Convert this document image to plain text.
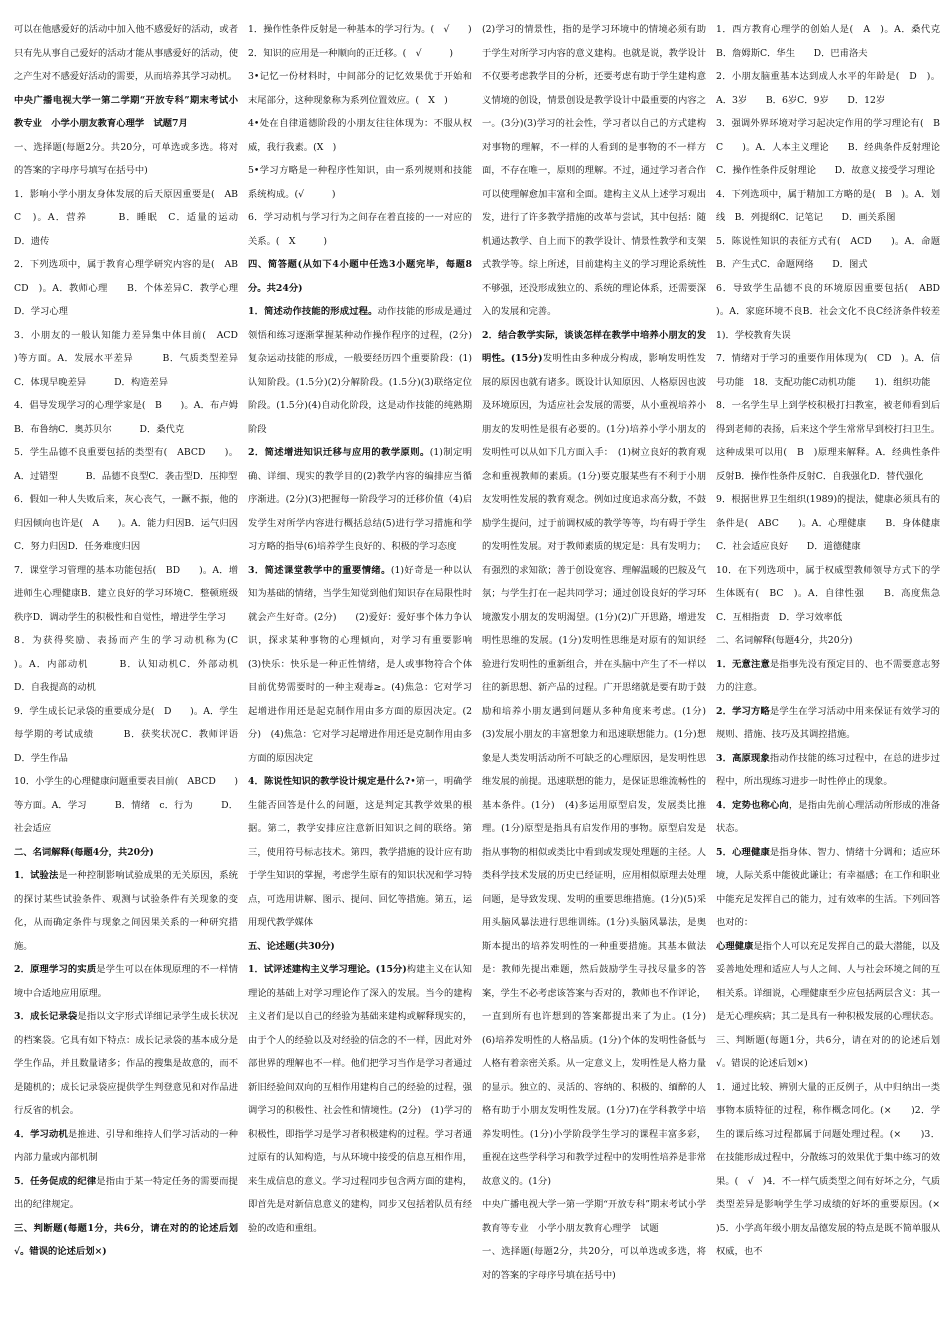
可以在他感爱好的活动中加入他不感爱好的活动，或者只有先从事自己爱好的活动才能从事感爱好的活动，使之产生对不感爱好活动的需要，从而培养其学习动机。

中央广播电视大学一第二学期“开放专科”期末考试小教专业　小学小朋友教育心理学　试题7月

一、选择题(每题2分。共20分，可单选或多选。将对的答案的字母序号填写在括号中)

1．影响小学小朋友身体发展的后天原因重要是(　ABC　)。A．营养　　　B．睡眠　C．适量的运动　　　D．遗传

2．下列选项中，属于教育心理学研究内容的是(　ABCD　)。A．教师心理　　B．个体差异C．教学心理　　　D．学习心理

3．小朋友的一般认知能力差异集中体目前(　ACD　　)等方面。A．发展水平差异　　　B．气质类型差异C．体现早晚差异　　　D．构造差异

4．倡导发现学习的心理学家是(　B　　)。A．布卢姆　　　B．布鲁纳C．奥苏贝尔　　　D．桑代克

5．学生品德不良重要包括的类型有(　ABCD　　)。A．过错型　　　B．品德不良型C．袭击型D．压抑型

6．假如一种人失败后来，灰心丧气，一蹶不振，他的归因倾向也许是(　A　　)。A．能力归因B．运气归因C．努力归因D．任务难度归因

7．课堂学习管理的基本功能包括(　BD　　)。A．增进师生心理健康B．建立良好的学习环境C．整顿班级秩序D．调动学生的积极性和自觉性，增进学生学习

8．为获得奖励、表扬而产生的学习动机称为(C　　)。A．内部动机　　　B．认知动机C．外部动机　　　D．自我提高的动机

9．学生成长记录袋的重要成分是(　D　　)。A．学生每学期的考试成绩　　　B．获奖状况C．教师评语D．学生作品

10．小学生的心理健康问题重要表目前(　ABCD　　)等方面。A．学习　　　B．情绪　c．行为　　　D．社会适应

二、名词解释(每题4分，共20分)

1．试验法是一种控制影响试验成果的无关原因，系统的探讨某些试验条件、观测与试验条件有关现象的变化，从而确定条件与现象之间因果关系的一种研究措施。

2．原理学习的实质是学生可以在体现原理的不一样情境中合适地应用原理。

3．成长记录袋是指以文字形式详细记录学生成长状况的档案袋。它具有如下特点：成长记录袋的基本成分是学生作品，并且数量诸多；作品的搜集是故意的，而不是随机的；成长记录袋应提供学生判登意见和对作品进行反省的机会。

4．学习动机是推进、引导和维持人们学习活动的一种内部力量或内部机制

5．任务促成的纪律是指由于某一特定任务的需要而提出的纪律规定。

三、判断题(每题1分，共6分，请在对的的论述后划√。错误的论述后划×)

1．操作性条件反射是一种基本的学习行为。(　√　　)

2．知识的应用是一种顺向的正迁移。(　√　　　)

3•记忆一份材料时，中间部分的记忆效果优于开始和末尾部分，这种现象称为系列位置效应。(　X　)

4•处在自律道德阶段的小朋友往往体现为：不服从权威，我行我素。(X　)

5•学习方略是一种程序性知识，由一系列规则和技能系统构成。(√　　　)

6．学习动机与学习行为之间存在着直接的一一对应的关系。(　X　　　)

四、简答题(从如下4小题中任选3小题完毕，每题8分。共24分)

1．简述动作技能的形成过程。动作技能的形成是通过领悟和练习逐渐掌握某种动作操作程序的过程，(2分)复杂运动技能的形成，一般要经历四个重要阶段：(1)认知阶段。(1.5分)(2)分解阶段。(1.5分)(3)联络定位阶段。(1.5分)(4)自动化阶段，这是动作技能的纯熟期阶段

2．简述增进知识迁移与应用的教学原则。(1)制定明确、详细、现实的教学目的(2)教学内容的编排应当循序渐进。(2分)(3)把握每一阶段学习的迁移价值（4)启发学生对所学内容进行概括总结(5)进行学习措施和学习方略的指导(6)培养学生良好的、积极的学习态度

3．简述课堂教学中的重要情绪。(1)好奇是一种以认知为基础的情绪，当学生知觉到他们知识存在局限性时就会产生好奇。(2分)　　(2)爱好：爱好事个体力争认识，探求某种事物的心理倾向，对学习有重要影响　(3)快乐：快乐是一种正性情绪，是人或事物符合个体目前优势需要时的一种主观毒≥。(4)焦急：它对学习起增进作用还是起克制作用由多方面的原因决定。(2分)　(4)焦急：它对学习起增进作用还是克制作用由多方面的原因决定

4．陈说性知识的教学设计规定是什么?•第一，明确学生能否回答是什么的问题，这是判定其教学效果的根据。第二，教学安排应注意新旧知识之间的联络。第三，使用符号标志技术。第四，教学措施的设计应有助于学生知识的掌握，考虑学生原有的知识状况和学习特点，可选用讲解、图示、提问、回忆等措施。第五，运用现代教学媒体

五、论述题(共30分)

1．试评述建构主义学习理论。(15分)构建主义在认知理论的基础上对学习理论作了深入的发展。当今的建构主义者们是以自己的经验为基础来建构或解释现实的，由于个人的经验以及对经验的信念的不一样，因此对外部世界的理解也不一样。他们把学习当作是学习者通过新旧经验间双向的互相作用建构自己的经验的过程，强调学习的积极性、社会性和情境性。(2分)　(1)学习的积极性，即指学习是学习者积极建构的过程。学习者通过原有的认知构造，与从环境中接受的信息互相作用，来生成信息的意义。学习过程同步包含两方面的建构，即首先是对新信息意义的建构，同步又包括着队员有经验的改造和重组。

(2)学习的情景性，指的是学习环境中的情境必须有助于学生对所学习内容的意义建构。也就是说，教学设计不仅要考虑教学目的分析，还要考虑有助于学生建构意义情境的创设，情景创设是教学设计中最重要的内容之一。(3分)(3)学习的社会性，学习者以自己的方式建构对事物的理解，不一样的人看到的是事物的不一样方面，不存在唯一，原则的理解。不过，通过学习者合作可以使理解愈加丰富和全面。建构主义从上述学习观出发，进行了许多教学措施的改革与尝试，其中包括：随机通达教学、自上而下的教学设计、情景性教学和支架式教学等。综上所述，目前建构主义的学习理论系统性不够强，还没形成独立的、系统的理论体系，还需要深入的发展和完善。

2．结合教学实际，谈谈怎样在教学中培养小朋友的发明性。(15分)发明性由多种成分构成，影响发明性发展的原因也就有诸多。既设计认知原因、人格原因也波及环境原因，为适应社会发展的需要，从小重视培养小朋友的发明性是很有必要的。(1分)培养小学小朋友的发明性可以从如下几方面入手：　(1)树立良好的教育观念和重视教师的素质。(1分)要克服某些有不利于小朋友发明性发展的教育观念。例如过度追求高分数，不鼓励学生提问，过于前调权威的教学等等，均有碍于学生的发明性发展。对于教师素质的规定是：具有发明力；有强烈的求知欲；善于创设宽容、理解温暖的巴胺及气氛；与学生打在一起共同学习；通过创设良好的学习环境激发小朋友的发明渴望。(1分)(2)广开思路，增进发明性思维的发展。(1分)发明性思维是对原有的知识经验进行发明性的重新组合，并在头脑中产生了不一样以往的新思想、新产品的过程。广开思绪就是要有助于鼓励和培养小朋友遇到问题从多种角度来考虑。(1分)　(3)发展小朋友的丰富想象力和迅速联想能力。(1分)想象是人类发明活动所不可缺乏的心理原因，是发明性思维发展的前提。迅速联想的能力，是保证思维流畅性的基本条件。(1分)　(4)多运用原型启发，发展类比推理。(1分)原型是指具有启发作用的事物。原型启发是指从事物的相似或类比中看到或发现处理题的主径。人类科学技术发展的历史已经证明，应用相似原理去处理问题，是导致发现、发明的重要思维措施。(1分)(5)采用头脑风暴法进行思维训练。(1分)头脑风暴法，是奥斯本提出的培养发明性的一种重要措施。其基本做法是：教师先提出难题，然后鼓励学生寻找尽量多的答案，学生不必考虑该答案与否对的，教师也不作评论，一直到所有也许想到的答案都提出来了为止。(1分)　(6)培养发明性的人格品质。(1分)个体的发明性备低与人格有着亲密关系。从一定意义上，发明性是人格力量的显示。独立的、灵活的、容纳的、积极的、缅醉的人格有助于小朋友发明性发展。(1分)7)在学科教学中培养发明性。(1分)小学阶段学生学习的课程丰富多彩，重视在这些学科学习和教学过程中的发明性培养是非常故意义的。(1分)

中央广播电视大学一第一学期“开放专科”期末考试小学教育等专业　小学小朋友教育心理学　试题

一、选择题(每题2分，共20分，可以单选或多选，将对的答案的字母序号填在括号中)

1．西方教育心理学的创始人是(　A　)。A．桑代克　　B．詹姆斯C．华生　　D．巴甫洛夫

2．小朋友脑重基本达到成人水平的年龄是(　D　)。A．3岁　　B．6岁C．9岁　　D．12岁

3．强调外界环境对学习起决定作用的学习理论有(　BC　　)。A．人本主义理论　　B．经典条件反射理论　C．操作性条件反射理论　　D．故意义接受学习理论

4．下列选项中，属于精加工方略的是(　B　)。A．划线　B．列提纲C．记笔记　　D．画关系图

5．陈说性知识的表征方式有(　ACD　　)。A．命题　　B．产生式C．命题网络　　D．图式

6．导致学生品德不良的环境原因重要包括(　ABD　)。A．家庭环境不良B．社会文化不良C经济条件较差1)．学校教育失误

7．情绪对于学习的重要作用体现为(　CD　)。A．信号功能　18．支配功能C动机功能　　1)．组织功能

8．一名学生早上到学校积极打扫教室，被老师看到后得到老师的表扬，后来这个学生常常早到校打扫卫生。这种成果可以用(　B　)原理来解释。A．经典性条件反射B．操作性条件反射C．自我强化D．替代强化

9．根据世界卫生组织(1989)的提法，健康必须具有的条件是(　ABC　　)。A．心理健康　　B．身体健康C．社会适应良好　　D．道德健康

10．在下列选项中，属于权威型教师领导方式下的学生体既有(　BC　)。A．自律性强　　B．高度焦急C．互相指责　D．学习效率低

二、名词解释(每题4分，共20分)

1．无意注意是指事先没有预定目的、也不需要意志努力的注意。

2．学习方略是学生在学习活动中用来保证有效学习的规则、措施、技巧及其调控措施。

3．高原现象指动作技能的练习过程中，在总的进步过程中，所出现练习进步一时性停止的现象。

4．定势也称心向，是指由先前心理活动所形成的准备状态。

5．心理健康是指身体、智力、情绪十分调和；适应环境，人际关系中能彼此谦让；有幸福感；在工作和职业中能充足发挥自己的能力，过有效率的生活。下列回答也对的：

心理健康是指个人可以充足发挥自己的最大潜能，以及妥善地处理和适应人与人之间、人与社会环境之间的互相关系。详细说，心理健康至少应包括两层含义：其一是无心理疾病；其二是具有一种积极发展的心理状态。

三、判断题(每题1分，共6分，请在对的的论述后划√。错误的论述后划×)

1．通过比较、辨别大量的正反例子，从中归纳出一类事物本质特征的过程，称作概念同化。(×　　)2．学生的课后练习过程都属于问题处理过程。(×　　)3．在技能形成过程中，分散练习的效果优于集中练习的效果。(　√　)4．不一样气质类型之间有好坏之分，气质类型差异是影响学生学习成绩的好坏的重要原因。(×　　)5．小学高年级小朋友品德发展的特点是既不简单服从权威，也不
